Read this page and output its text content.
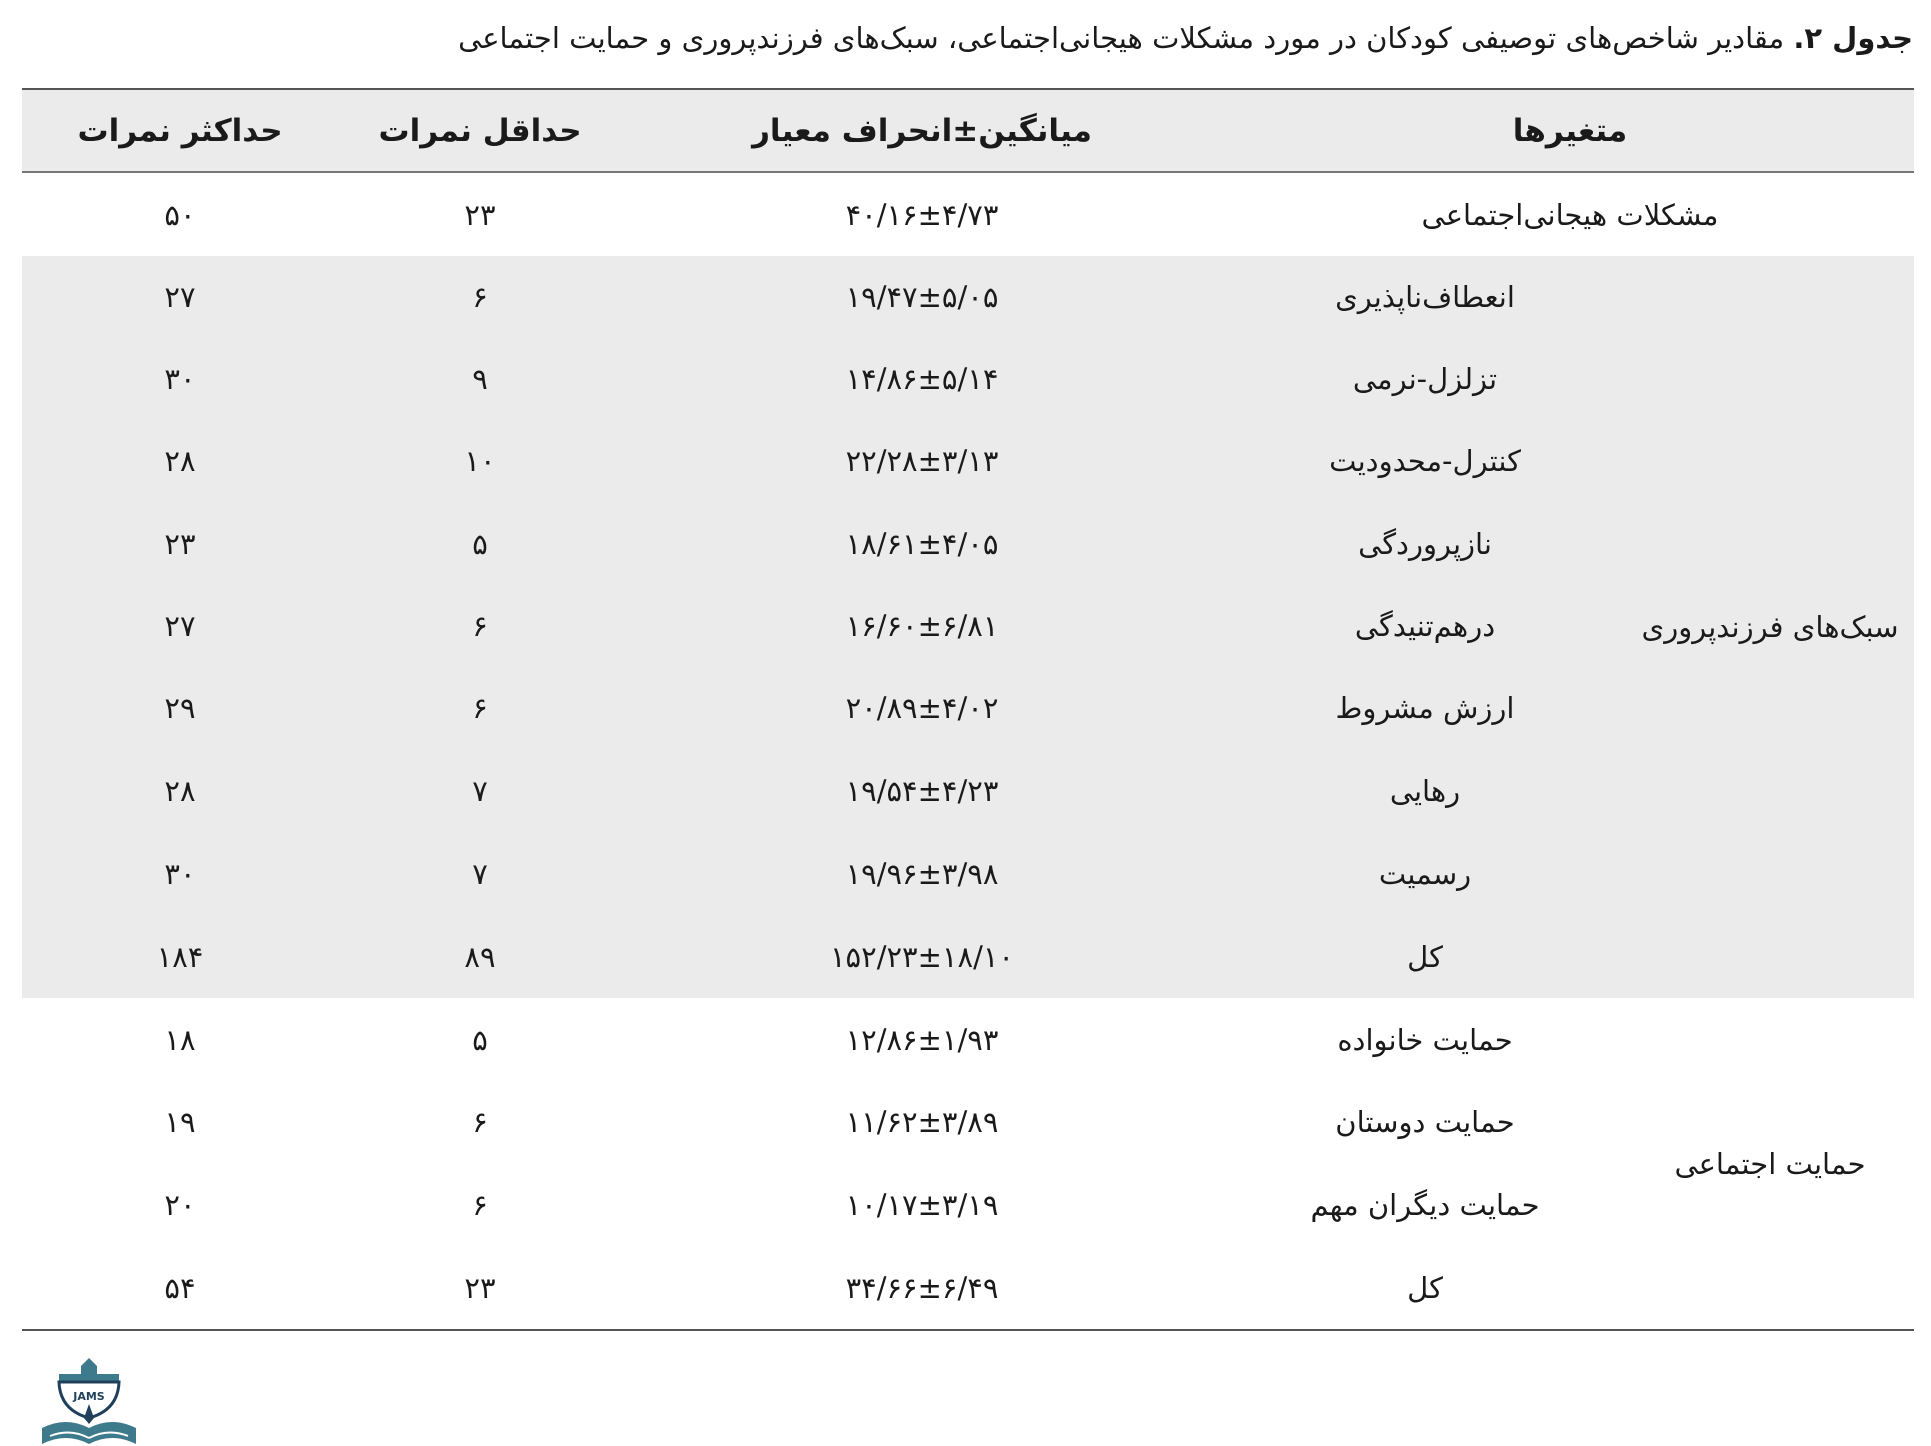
جدول ۲. مقادیر شاخص‌های توصیفی کودکان در مورد مشکلات هیجانی‌اجتماعی، سبک‌های فرزندپروری و حمایت اجتماعی
متغیرها
میانگین±انحراف معیار
حداقل نمرات
حداکثر نمرات
مشکلات هیجانی‌اجتماعی
۴۰/۱۶±۴/۷۳
۲۳
۵۰
سبک‌های فرزندپروری
انعطاف‌ناپذیری
۱۹/۴۷±۵/۰۵
۶
۲۷
تزلزل-نرمی
۱۴/۸۶±۵/۱۴
۹
۳۰
کنترل-محدودیت
۲۲/۲۸±۳/۱۳
۱۰
۲۸
نازپروردگی
۱۸/۶۱±۴/۰۵
۵
۲۳
درهم‌تنیدگی
۱۶/۶۰±۶/۸۱
۶
۲۷
ارزش مشروط
۲۰/۸۹±۴/۰۲
۶
۲۹
رهایی
۱۹/۵۴±۴/۲۳
۷
۲۸
رسمیت
۱۹/۹۶±۳/۹۸
۷
۳۰
کل
۱۵۲/۲۳±۱۸/۱۰
۸۹
۱۸۴
حمایت اجتماعی
حمایت خانواده
۱۲/۸۶±۱/۹۳
۵
۱۸
حمایت دوستان
۱۱/۶۲±۳/۸۹
۶
۱۹
حمایت دیگران مهم
۱۰/۱۷±۳/۱۹
۶
۲۰
کل
۳۴/۶۶±۶/۴۹
۲۳
۵۴
JAMS
